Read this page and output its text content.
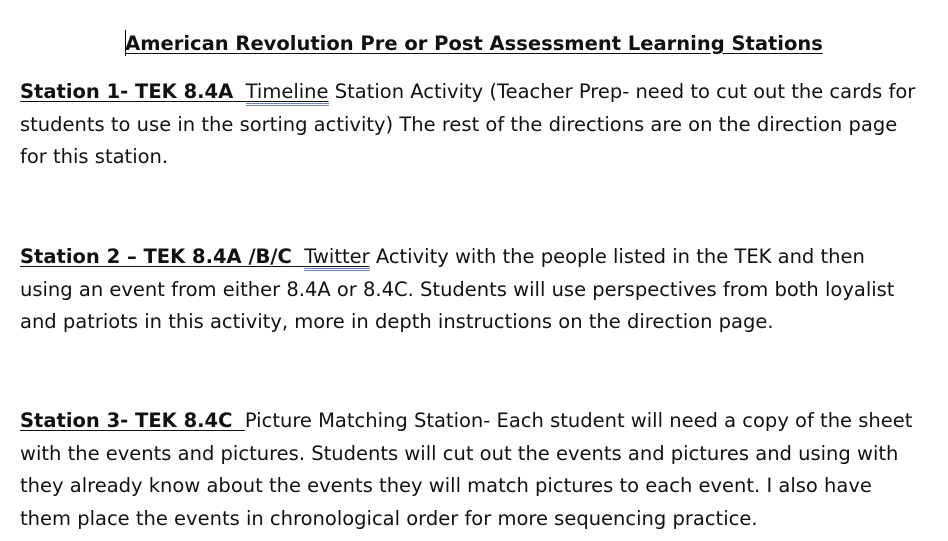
American Revolution Pre or Post Assessment Learning Stations

Station 1- TEK 8.4A Timeline Station Activity (Teacher Prep- need to cut out the cards for students to use in the sorting activity) The rest of the directions are on the direction page for this station.

Station 2 – TEK 8.4A /B/C Twitter Activity with the people listed in the TEK and then using an event from either 8.4A or 8.4C. Students will use perspectives from both loyalist and patriots in this activity, more in depth instructions on the direction page.

Station 3- TEK 8.4C  Picture Matching Station- Each student will need a copy of the sheet with the events and pictures. Students will cut out the events and pictures and using with they already know about the events they will match pictures to each event. I also have them place the events in chronological order for more sequencing practice.
